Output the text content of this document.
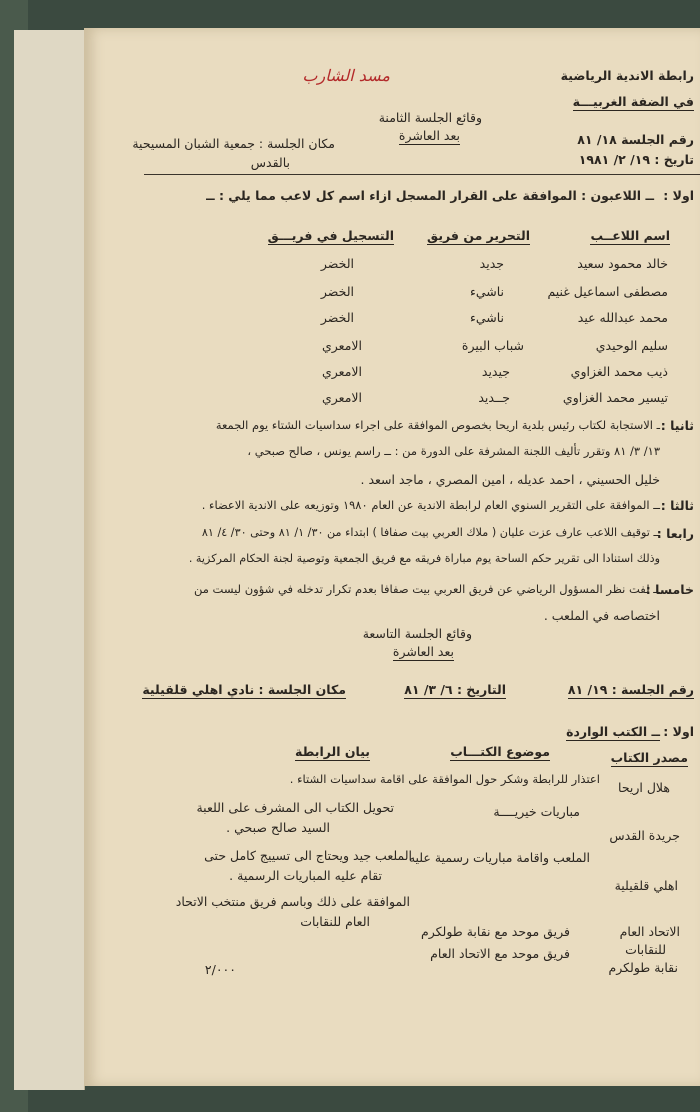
مسد الشارب	رابطة الاندية الرياضية
في الضفة الغربيـــة
وقائع الجلسة الثامنة
بعد العاشرة	رقم الجلسة ١٨/ ٨١
تاريخ : ١٩/ ٢/ ١٩٨١
مكان الجلسة : جمعية الشبان المسيحية
بالقدس
اولا :
ــ اللاعبون : الموافقة على القرار المسجل ازاء اسم كل لاعب مما يلي : ــ
اسم اللاعــب
التحرير من فريق
التسجيل في فريـــق
خالد محمود سعيد
جديد
الخضر
مصطفى اسماعيل غنيم
ناشيء
الخضر
محمد عبدالله عيد
ناشيء
الخضر
سليم الوحيدي
شباب البيرة
الامعري
ذيب محمد الغزاوي
جيديد
الامعري
تيسير محمد الغزاوي
جــديد
الامعري
ثانيا :
ـ الاستجابة لكتاب رئيس بلدية اريحا بخصوص الموافقة على اجراء سداسيات الشتاء يوم الجمعة
١٣/ ٣/ ٨١ وتقرر تأليف اللجنة المشرفة على الدورة من : ــ راسم يونس ، صالح صبحي ،
خليل الحسيني ، احمد عديله ، امين المصري ، ماجد اسعد .
ثالثا :
ــ الموافقة على التقرير السنوي العام لرابطة الاندية عن العام ١٩٨٠ وتوزيعه على الاندية الاعضاء .
رابعا :
ــ توقيف اللاعب عارف عزت عليان ( ملاك العربي بيت صفافا ) ابتداء من ٣٠/ ١/ ٨١ وحتى ٣٠/ ٤/ ٨١
وذلك استنادا الى تقرير حكم الساحة يوم مباراة فريقه مع فريق الجمعية وتوصية لجنة الحكام المركزية .
خامسا :
ــ لفت نظر المسؤول الرياضي عن فريق العربي بيت صفافا بعدم تكرار تدخله في شؤون ليست من
اختصاصه في الملعب .
وقائع الجلسة التاسعة
بعد العاشرة
رقم الجلسة : ١٩/ ٨١
التاريخ : ٦/ ٣/ ٨١
مكان الجلسة : نادي اهلي قلقيلية
اولا :
ــ الكتب الواردة
مصدر الكتاب
موضوع الكتـــاب
بيان الرابطة
هلال اريحا
اعتذار للرابطة وشكر حول الموافقة على اقامة سداسيات الشتاء .
جريدة القدس
مباريات خيريــــة
تحويل الكتاب الى المشرف على اللعبة
السيد صالح صبحي .
اهلي قلقيلية
الملعب واقامة مباريات رسمية عليه
الملعب جيد ويحتاج الى تسييج كامل حتى
تقام عليه المباريات الرسمية .
الاتحاد العام
للنقابات
نقابة طولكرم
فريق موحد مع نقابة طولكرم
فريق موحد مع الاتحاد العام
الموافقة على ذلك وباسم فريق منتخب الاتحاد
العام للنقابات
٢/٠٠٠
